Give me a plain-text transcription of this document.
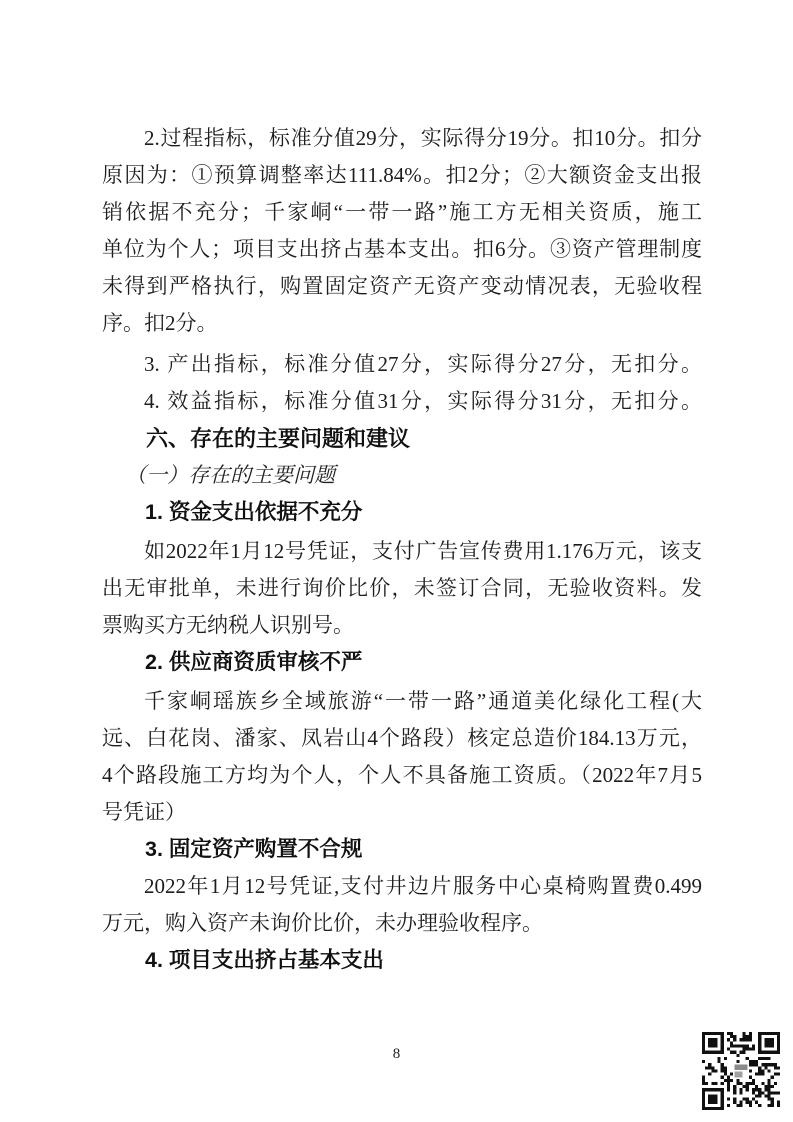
2.过程指标，标准分值29分，实际得分19分。扣10分。扣分
原因为：①预算调整率达111.84%。扣2分；②大额资金支出报
销依据不充分；千家峒“一带一路”施工方无相关资质，施工
单位为个人；项目支出挤占基本支出。扣6分。③资产管理制度
未得到严格执行，购置固定资产无资产变动情况表，无验收程
序。扣2分。
3. 产出指标，标准分值27分，实际得分27分，无扣分。
4. 效益指标，标准分值31分，实际得分31分，无扣分。
六、存在的主要问题和建议
（一）存在的主要问题
1. 资金支出依据不充分
如2022年1月12号凭证，支付广告宣传费用1.176万元，该支
出无审批单，未进行询价比价，未签订合同，无验收资料。发
票购买方无纳税人识别号。
2. 供应商资质审核不严
千家峒瑶族乡全域旅游“一带一路”通道美化绿化工程(大
远、白花岗、潘家、凤岩山4个路段）核定总造价184.13万元，
4个路段施工方均为个人，个人不具备施工资质。（2022年7月5
号凭证）
3. 固定资产购置不合规
2022年1月12号凭证,支付井边片服务中心桌椅购置费0.499
万元，购入资产未询价比价，未办理验收程序。
4. 项目支出挤占基本支出
8
